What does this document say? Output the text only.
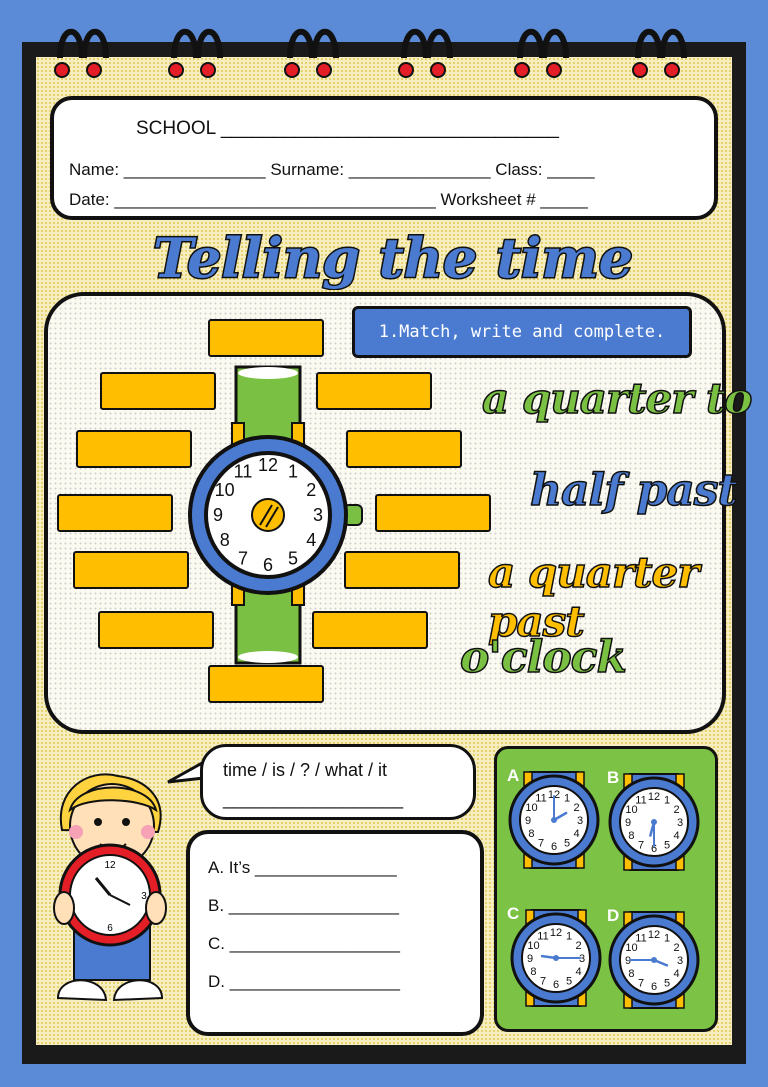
SCHOOL ________________________________
Name: _______________ Surname: _______________ Class: _____
Date: __________________________________ Worksheet # _____
Telling the time
1.Match, write and complete.
12 1
2
3
4
5
6
7
8
9
10
11
a quarter to
half past
a quarter past
o'clock
12
3
6
time / is / ? / what / it
__________________
A. It’s _______________
B. __________________
C. __________________
D. __________________
A	B
C	D
12 1
2
3
4
5
6
7
8
9
10
11	12 1
2
3
4
5
6
7
8
9
10
11
12 1
2
3
4
5
6
7
8
9
10
11	12 1
2
3
4
5
6
7
8
9
10
11
